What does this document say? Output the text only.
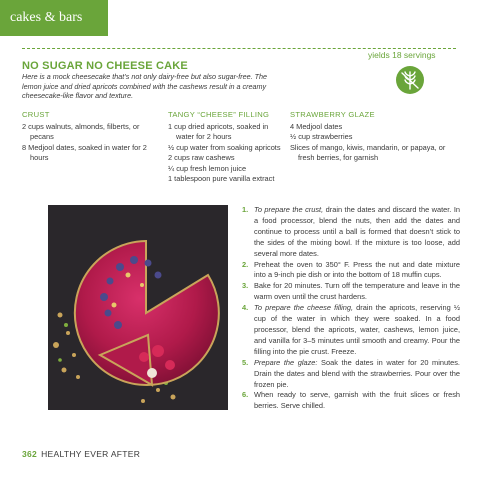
cakes & bars
NO SUGAR NO CHEESE CAKE
yields 18 servings
Here is a mock cheesecake that’s not only dairy-free but also sugar-free. The lemon juice and dried apricots combined with the cashews result in a creamy cheesecake-like flavor and texture.
CRUST
2 cups walnuts, almonds, filberts, or pecans
8 Medjool dates, soaked in water for 2 hours
TANGY “CHEESE” FILLING
1 cup dried apricots, soaked in water for 2 hours
½ cup water from soaking apricots
2 cups raw cashews
¼ cup fresh lemon juice
1 tablespoon pure vanilla extract
STRAWBERRY GLAZE
4 Medjool dates
½ cup strawberries
Slices of mango, kiwis, mandarin, or papaya, or fresh berries, for garnish
1. To prepare the crust, drain the dates and discard the water. In a food processor, blend the nuts, then add the dates and continue to process until a ball is formed that doesn’t stick to the sides of the mixing bowl. If the mixture is too loose, add several more dates.
2. Preheat the oven to 350° F. Press the nut and date mixture into a 9-inch pie dish or into the bottom of 18 muffin cups.
3. Bake for 20 minutes. Turn off the temperature and leave in the warm oven until the crust hardens.
4. To prepare the cheese filling, drain the apricots, reserving ½ cup of the water in which they were soaked. In a food processor, blend the apricots, water, cashews, lemon juice, and vanilla for 3–5 minutes until smooth and creamy. Pour the filling into the pie crust. Freeze.
5. Prepare the glaze: Soak the dates in water for 20 minutes. Drain the dates and blend with the strawberries. Pour over the frozen pie.
6. When ready to serve, garnish with the fruit slices or fresh berries. Serve chilled.
362 HEALTHY EVER AFTER
